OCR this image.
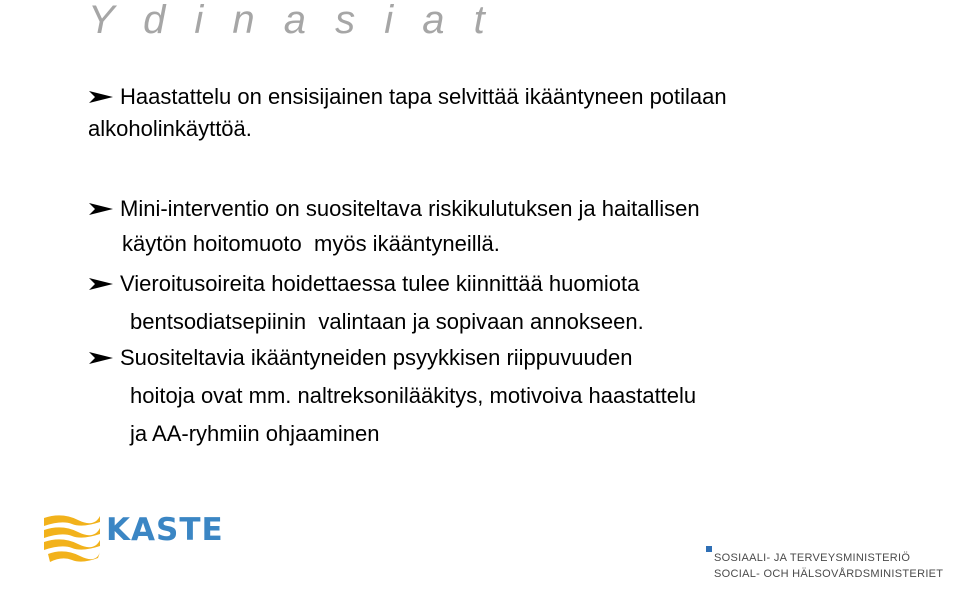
Y d i n a s i a t
Haastattelu on ensisijainen tapa selvittää ikääntyneen potilaan
alkoholinkäyttöä.
Mini-interventio on suositeltava riskikulutuksen ja haitallisen
käytön hoitomuoto  myös ikääntyneillä.
Vieroitusoireita hoidettaessa tulee kiinnittää huomiota
bentsodiatsepiinin  valintaan ja sopivaan annokseen.
Suositeltavia ikääntyneiden psyykkisen riippuvuuden
hoitoja ovat mm. naltreksonilääkitys, motivoiva haastattelu
ja AA-ryhmiin ohjaaminen
KASTE
SOSIAALI- JA TERVEYSMINISTERIÖ
SOCIAL- OCH HÄLSOVÅRDSMINISTERIET
